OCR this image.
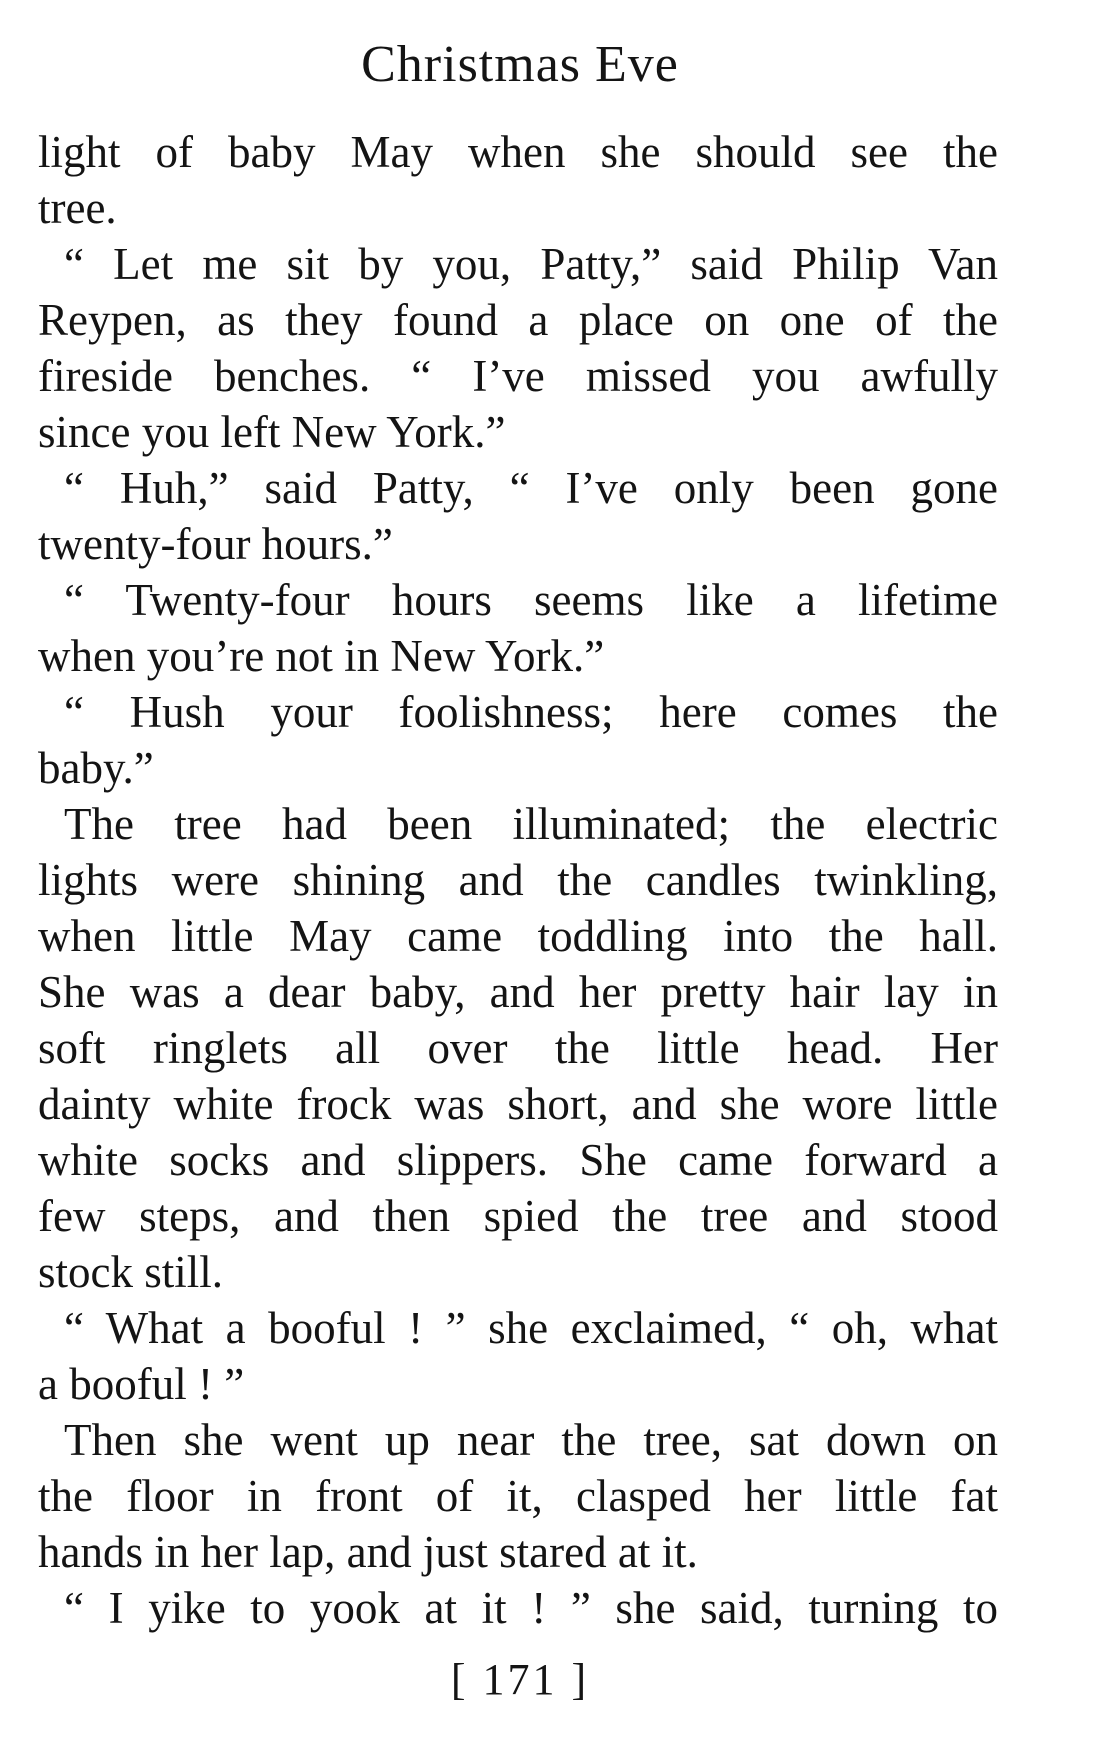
Christmas Eve
light of baby May when she should see the
tree.
“ Let me sit by you, Patty,” said Philip Van
Reypen, as they found a place on one of the
fireside benches. “ I’ve missed you awfully
since you left New York.”
“ Huh,” said Patty, “ I’ve only been gone
twenty-four hours.”
“ Twenty-four hours seems like a lifetime
when you’re not in New York.”
“ Hush your foolishness; here comes the
baby.”
The tree had been illuminated; the electric
lights were shining and the candles twinkling,
when little May came toddling into the hall.
She was a dear baby, and her pretty hair lay in
soft ringlets all over the little head. Her
dainty white frock was short, and she wore little
white socks and slippers. She came forward a
few steps, and then spied the tree and stood
stock still.
“ What a booful ! ” she exclaimed, “ oh, what
a booful ! ”
Then she went up near the tree, sat down on
the floor in front of it, clasped her little fat
hands in her lap, and just stared at it.
“ I yike to yook at it ! ” she said, turning to
[ 171 ]
